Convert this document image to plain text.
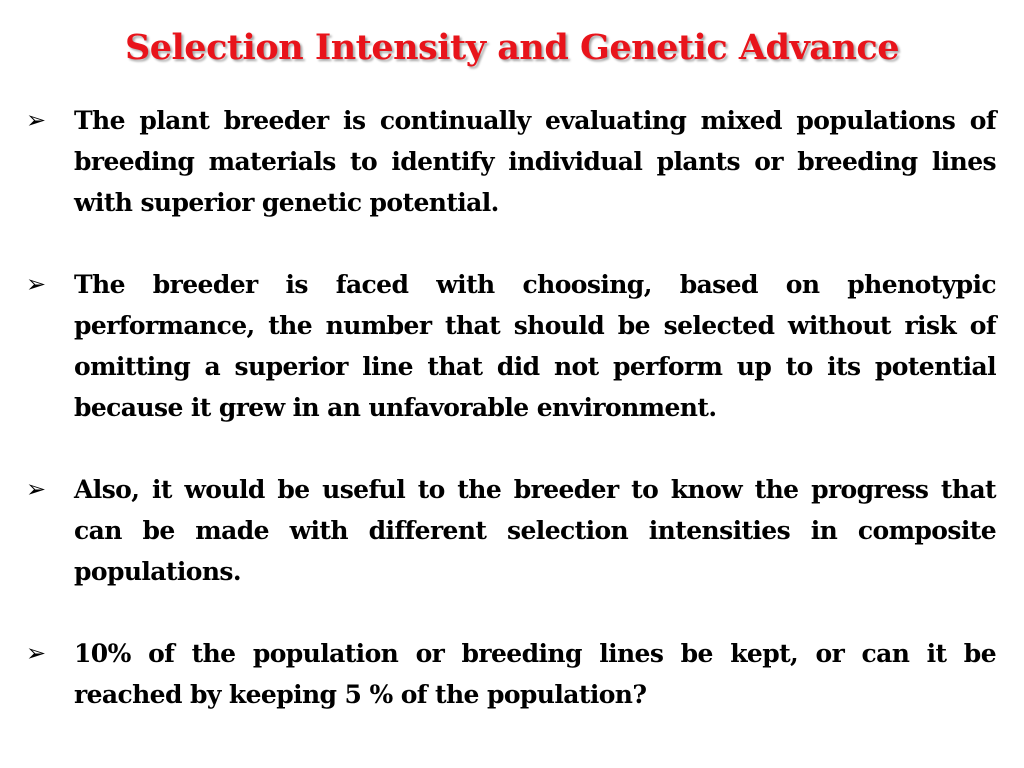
Selection Intensity and Genetic Advance
➢	The plant breeder is continually evaluating mixed populations of breeding materials to identify individual plants or breeding lines with superior genetic potential.
➢	The breeder is faced with choosing, based on phenotypic performance, the number that should be selected without risk of omitting a superior line that did not perform up to its potential because it grew in an unfavorable environment.
➢	Also, it would be useful to the breeder to know the progress that can be made with different selection intensities in composite populations.
➢	10% of the population or breeding lines be kept, or can it be reached by keeping 5 % of the population?
